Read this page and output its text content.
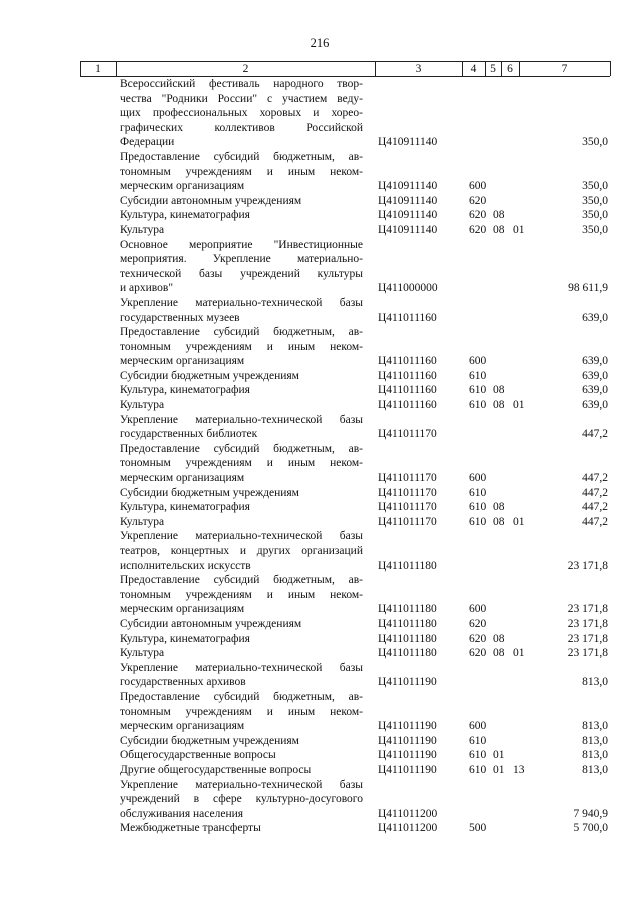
216
1	2	3	4	5 6	7
Всероссийский фестиваль народного твор-
чества "Родники России" с участием веду-
щих профессиональных хоровых и хорео-
графических коллективов Российской
Федерации	Ц410911140	350,0
Предоставление субсидий бюджетным, ав-
тономным учреждениям и иным неком-
мерческим организациям	Ц410911140	600	350,0
Субсидии автономным учреждениям	Ц410911140	620	350,0
Культура, кинематография	Ц410911140	620 08	350,0
Культура	Ц410911140	620 08 01	350,0
Основное мероприятие "Инвестиционные
мероприятия. Укрепление материально-
технической базы учреждений культуры
и архивов"	Ц411000000	98 611,9
Укрепление материально-технической базы
государственных музеев	Ц411011160	639,0
Предоставление субсидий бюджетным, ав-
тономным учреждениям и иным неком-
мерческим организациям	Ц411011160	600	639,0
Субсидии бюджетным учреждениям	Ц411011160	610	639,0
Культура, кинематография	Ц411011160	610 08	639,0
Культура	Ц411011160	610 08 01	639,0
Укрепление материально-технической базы
государственных библиотек	Ц411011170	447,2
Предоставление субсидий бюджетным, ав-
тономным учреждениям и иным неком-
мерческим организациям	Ц411011170	600	447,2
Субсидии бюджетным учреждениям	Ц411011170	610	447,2
Культура, кинематография	Ц411011170	610 08	447,2
Культура	Ц411011170	610 08 01	447,2
Укрепление материально-технической базы
театров, концертных и других организаций
исполнительских искусств	Ц411011180	23 171,8
Предоставление субсидий бюджетным, ав-
тономным учреждениям и иным неком-
мерческим организациям	Ц411011180	600	23 171,8
Субсидии автономным учреждениям	Ц411011180	620	23 171,8
Культура, кинематография	Ц411011180	620 08	23 171,8
Культура	Ц411011180	620 08 01	23 171,8
Укрепление материально-технической базы
государственных архивов	Ц411011190	813,0
Предоставление субсидий бюджетным, ав-
тономным учреждениям и иным неком-
мерческим организациям	Ц411011190	600	813,0
Субсидии бюджетным учреждениям	Ц411011190	610	813,0
Общегосударственные вопросы	Ц411011190	610 01	813,0
Другие общегосударственные вопросы	Ц411011190	610 01 13	813,0
Укрепление материально-технической базы
учреждений в сфере культурно-досугового
обслуживания населения	Ц411011200	7 940,9
Межбюджетные трансферты	Ц411011200	500	5 700,0
